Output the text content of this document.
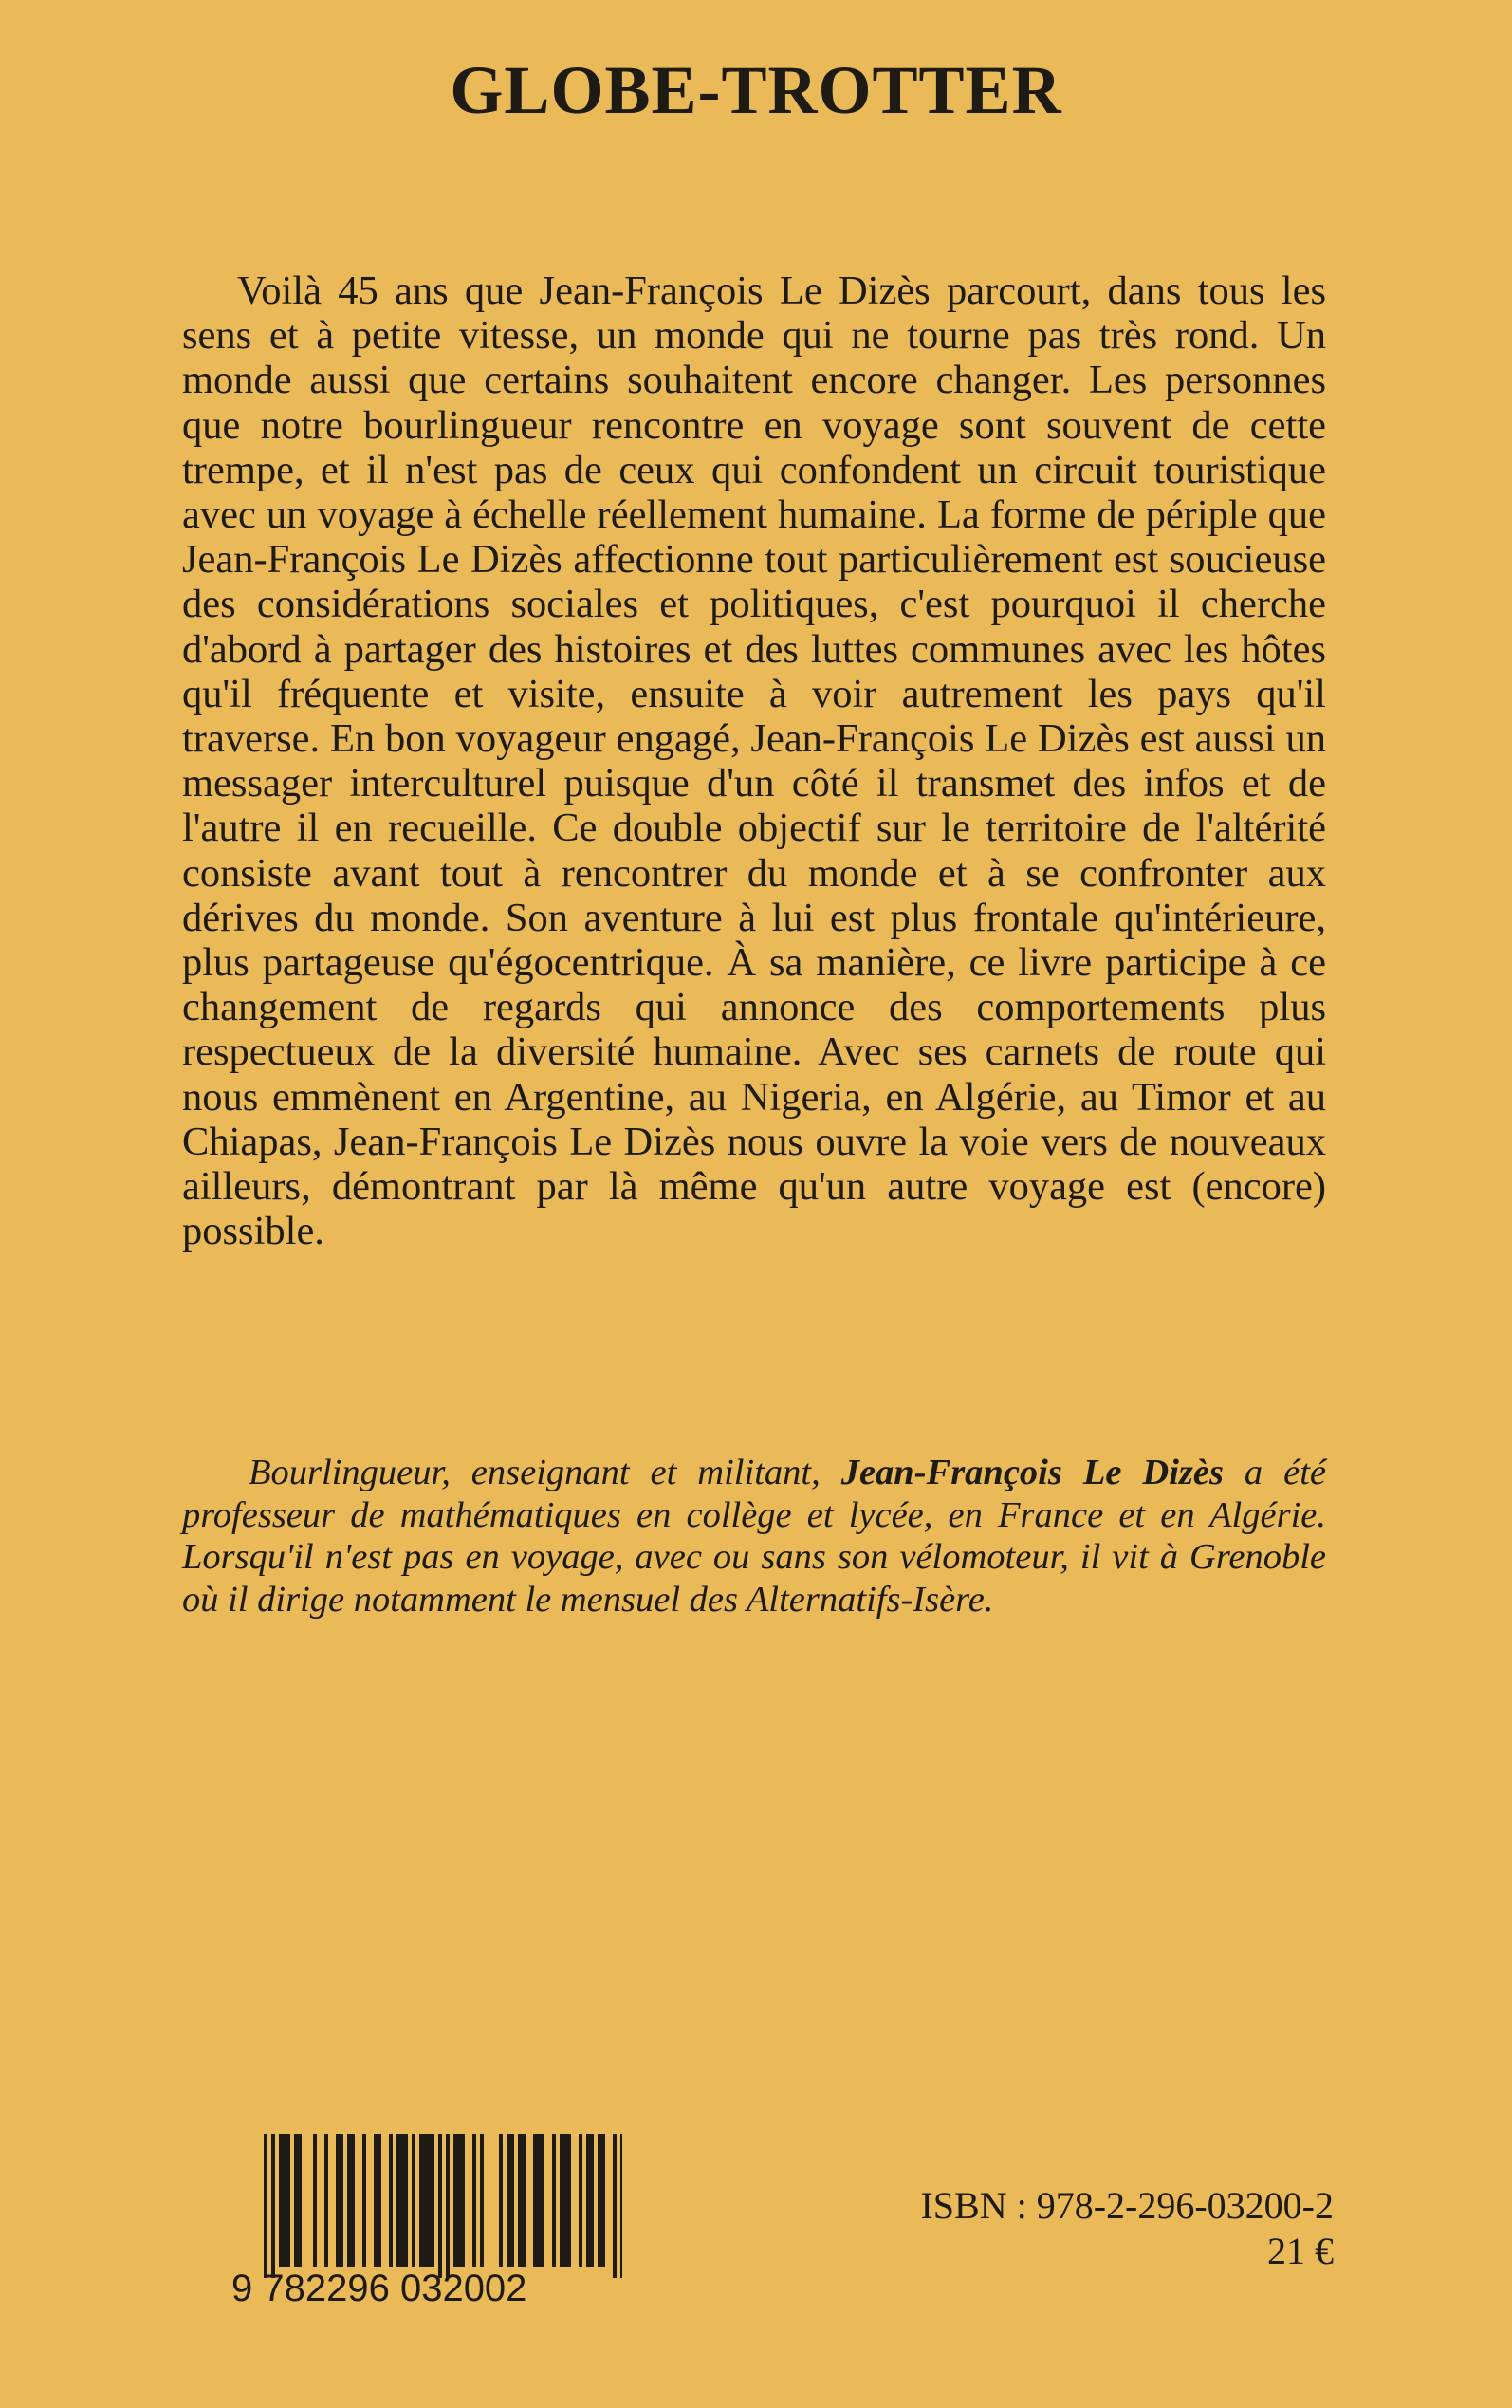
GLOBE-TROTTER

Voilà 45 ans que Jean-François Le Dizès parcourt, dans tous les sens et à petite vitesse, un monde qui ne tourne pas très rond. Un monde aussi que certains souhaitent encore changer. Les personnes que notre bourlingueur rencontre en voyage sont souvent de cette trempe, et il n'est pas de ceux qui confondent un circuit touristique avec un voyage à échelle réellement humaine. La forme de périple que Jean-François Le Dizès affectionne tout particulièrement est soucieuse des considérations sociales et politiques, c'est pourquoi il cherche d'abord à partager des histoires et des luttes communes avec les hôtes qu'il fréquente et visite, ensuite à voir autrement les pays qu'il traverse. En bon voyageur engagé, Jean-François Le Dizès est aussi un messager interculturel puisque d'un côté il transmet des infos et de l'autre il en recueille. Ce double objectif sur le territoire de l'altérité consiste avant tout à rencontrer du monde et à se confronter aux dérives du monde. Son aventure à lui est plus frontale qu'intérieure, plus partageuse qu'égocentrique. À sa manière, ce livre participe à ce changement de regards qui annonce des comportements plus respectueux de la diversité humaine. Avec ses carnets de route qui nous emmènent en Argentine, au Nigeria, en Algérie, au Timor et au Chiapas, Jean-François Le Dizès nous ouvre la voie vers de nouveaux ailleurs, démontrant par là même qu'un autre voyage est (encore) possible.

Bourlingueur, enseignant et militant, Jean-François Le Dizès a été professeur de mathématiques en collège et lycée, en France et en Algérie. Lorsqu'il n'est pas en voyage, avec ou sans son vélomoteur, il vit à Grenoble où il dirige notamment le mensuel des Alternatifs-Isère.
9 782296 032002
ISBN : 978-2-296-03200-2
21 €
